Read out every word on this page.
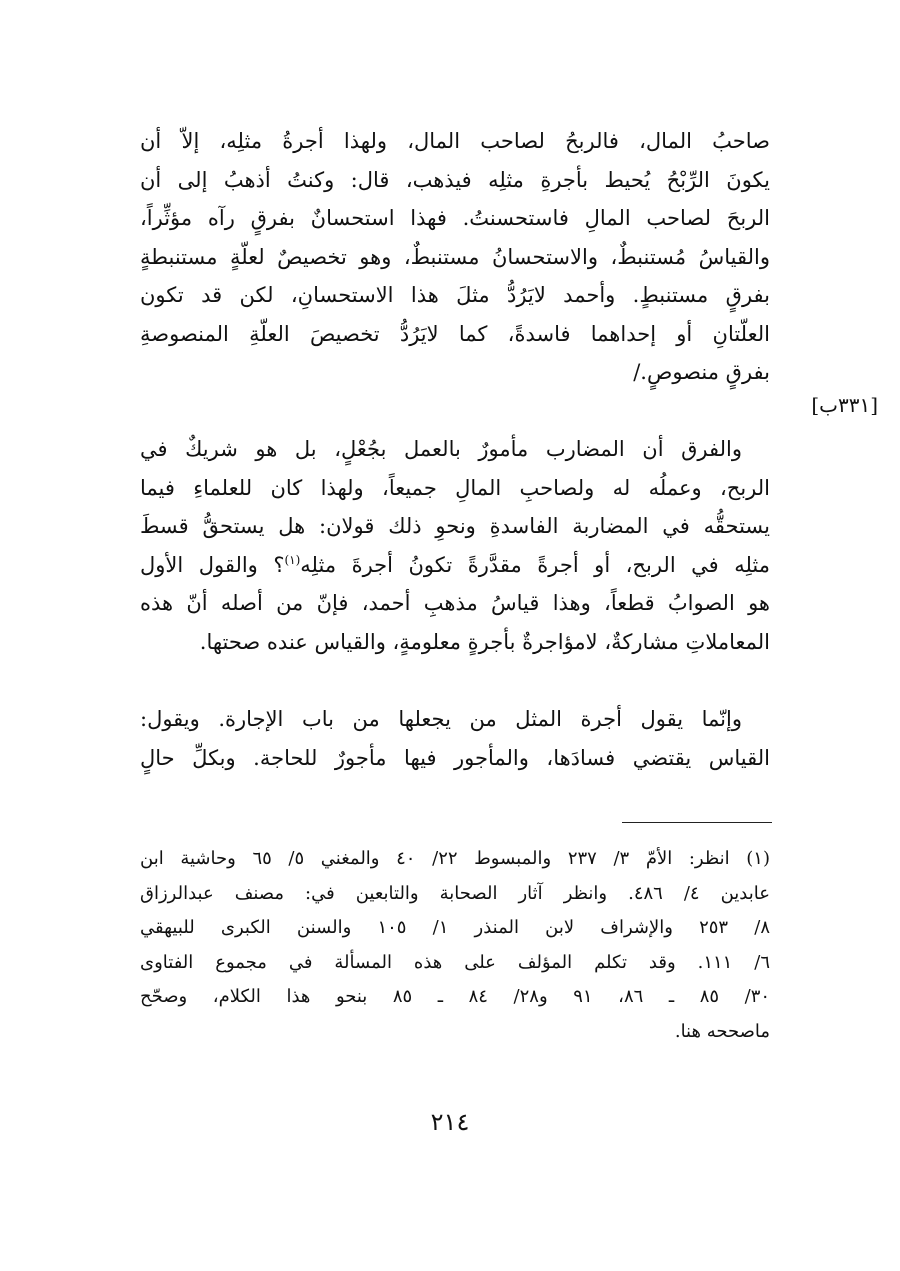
صاحبُ المال، فالربحُ لصاحب المال، ولهذا أجرةُ مثلِه، إلاّ أن
يكونَ الرِّبْحُ يُحيط بأجرةِ مثلِه فيذهب، قال: وكنتُ أذهبُ إلى أن
الربحَ لصاحب المالِ فاستحسنتُ. فهذا استحسانٌ بفرقٍ رآه مؤثِّراً،
والقياسُ مُستنبطٌ، والاستحسانُ مستنبطٌ، وهو تخصيصٌ لعلّةٍ مستنبطةٍ
بفرقٍ مستنبطٍ. وأحمد لايَرُدُّ مثلَ هذا الاستحسانِ، لكن قد تكون
العلّتانِ أو إحداهما فاسدةً، كما لايَرُدُّ تخصيصَ العلّةِ المنصوصةِ
بفرقٍ منصوصٍ./

[٣٣١ب]

والفرق أن المضارب مأمورٌ بالعمل بجُعْلٍ، بل هو شريكٌ في
الربح، وعملُه له ولصاحبِ المالِ جميعاً، ولهذا كان للعلماءِ فيما
يستحقُّه في المضاربة الفاسدةِ ونحوِ ذلك قولان: هل يستحقُّ قسطَ
مثلِه في الربح، أو أجرةً مقدَّرةً تكونُ أجرةَ مثلِه$^{(١)}$؟ والقول الأول
هو الصوابُ قطعاً، وهذا قياسُ مذهبِ أحمد، فإنّ من أصله أنّ هذه
المعاملاتِ مشاركةٌ، لامؤاجرةٌ بأجرةٍ معلومةٍ، والقياس عنده صحتها.

وإنّما يقول أجرة المثل من يجعلها من باب الإجارة. ويقول:
القياس يقتضي فسادَها، والمأجور فيها مأجورٌ للحاجة. وبكلِّ حالٍ

(١) انظر: الأمّ ٣/ ٢٣٧ والمبسوط ٢٢/ ٤٠ والمغني ٥/ ٦٥ وحاشية ابن
عابدين ٤/ ٤٨٦. وانظر آثار الصحابة والتابعين في: مصنف عبدالرزاق
٨/ ٢٥٣ والإشراف لابن المنذر ١/ ١٠٥ والسنن الكبرى للبيهقي
٦/ ١١١. وقد تكلم المؤلف على هذه المسألة في مجموع الفتاوى
٣٠/ ٨٥ ـ ٨٦، ٩١ و٢٨/ ٨٤ ـ ٨٥ بنحو هذا الكلام، وصحّح
ماصححه هنا.

٢١٤
